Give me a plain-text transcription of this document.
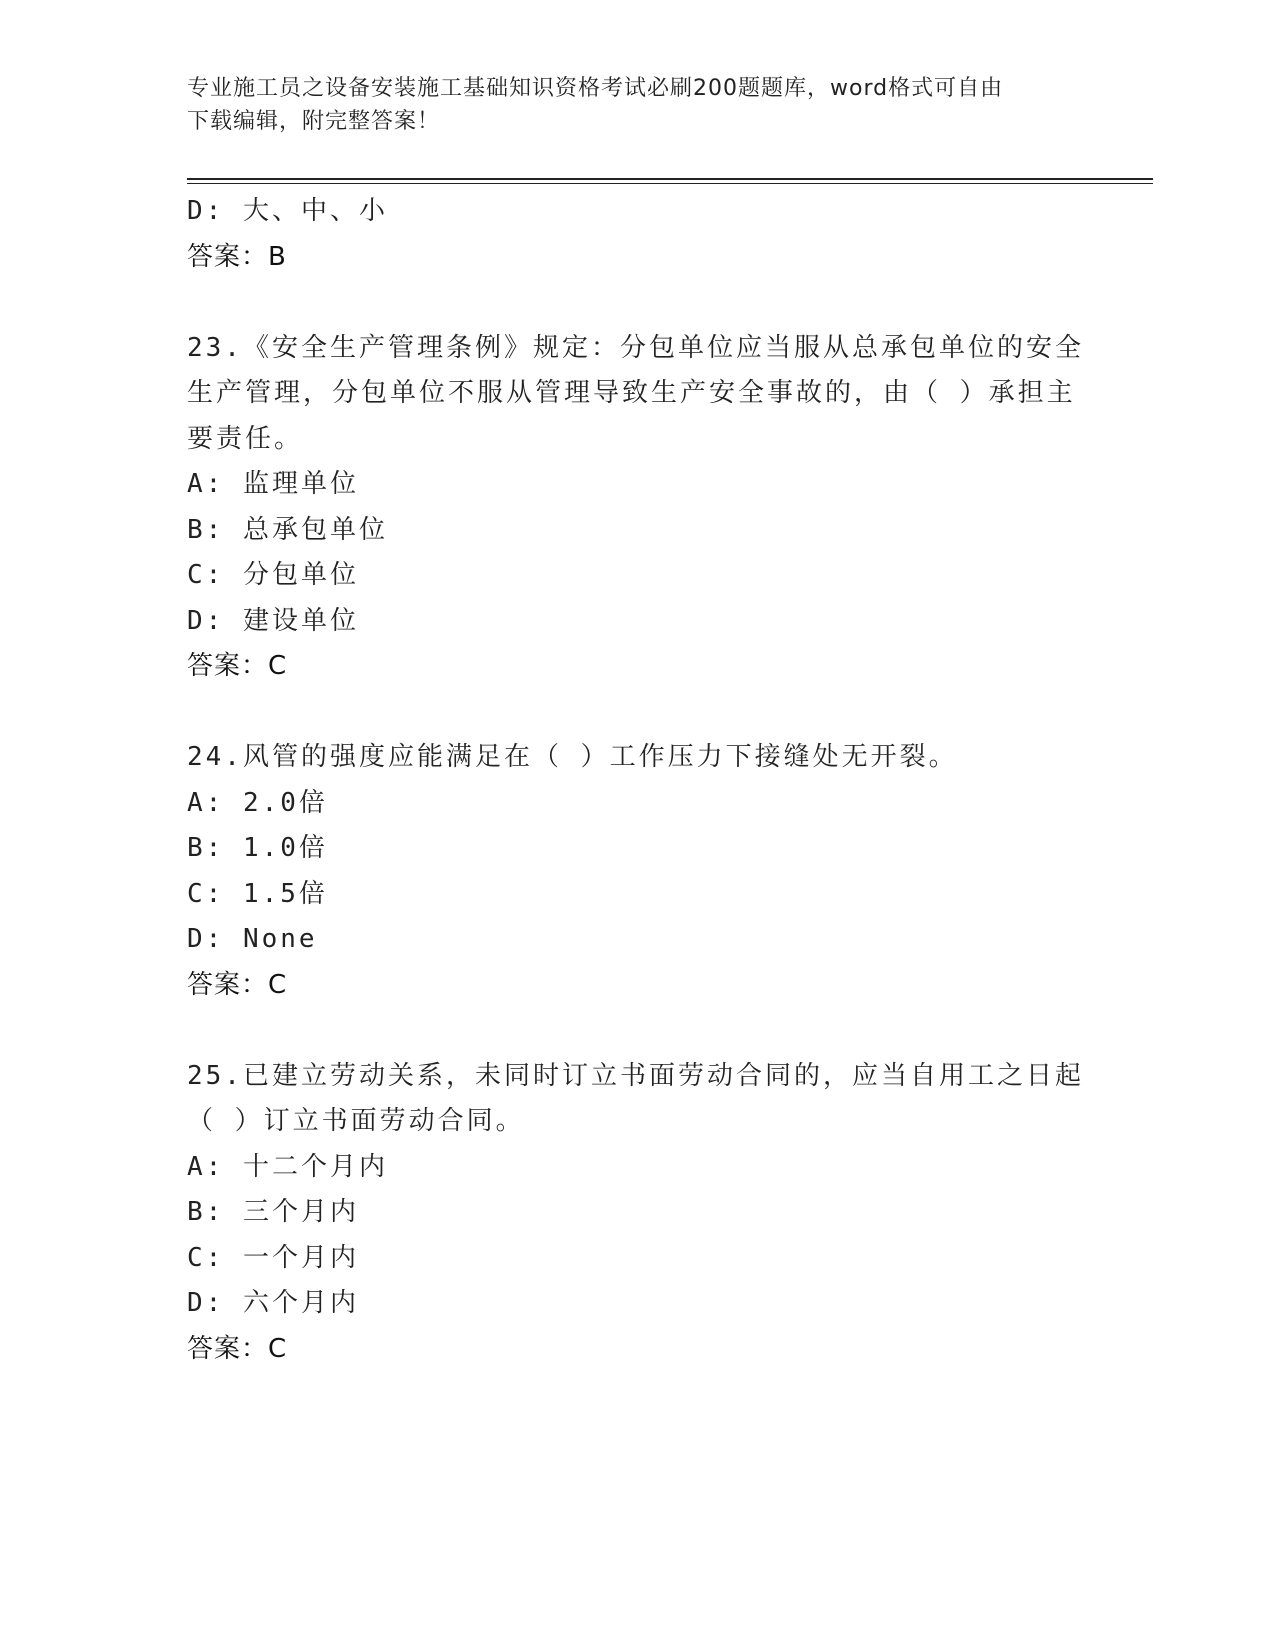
专业施工员之设备安装施工基础知识资格考试必刷200题题库，word格式可自由
下载编辑，附完整答案！
D: 大、中、小
答案：B
23.《安全生产管理条例》规定：分包单位应当服从总承包单位的安全
生产管理，分包单位不服从管理导致生产安全事故的，由（ ）承担主
要责任。
A: 监理单位
B: 总承包单位
C: 分包单位
D: 建设单位
答案：C
24.风管的强度应能满足在（ ）工作压力下接缝处无开裂。
A: 2.0倍
B: 1.0倍
C: 1.5倍
D: None
答案：C
25.已建立劳动关系，未同时订立书面劳动合同的，应当自用工之日起
（ ）订立书面劳动合同。
A: 十二个月内
B: 三个月内
C: 一个月内
D: 六个月内
答案：C
